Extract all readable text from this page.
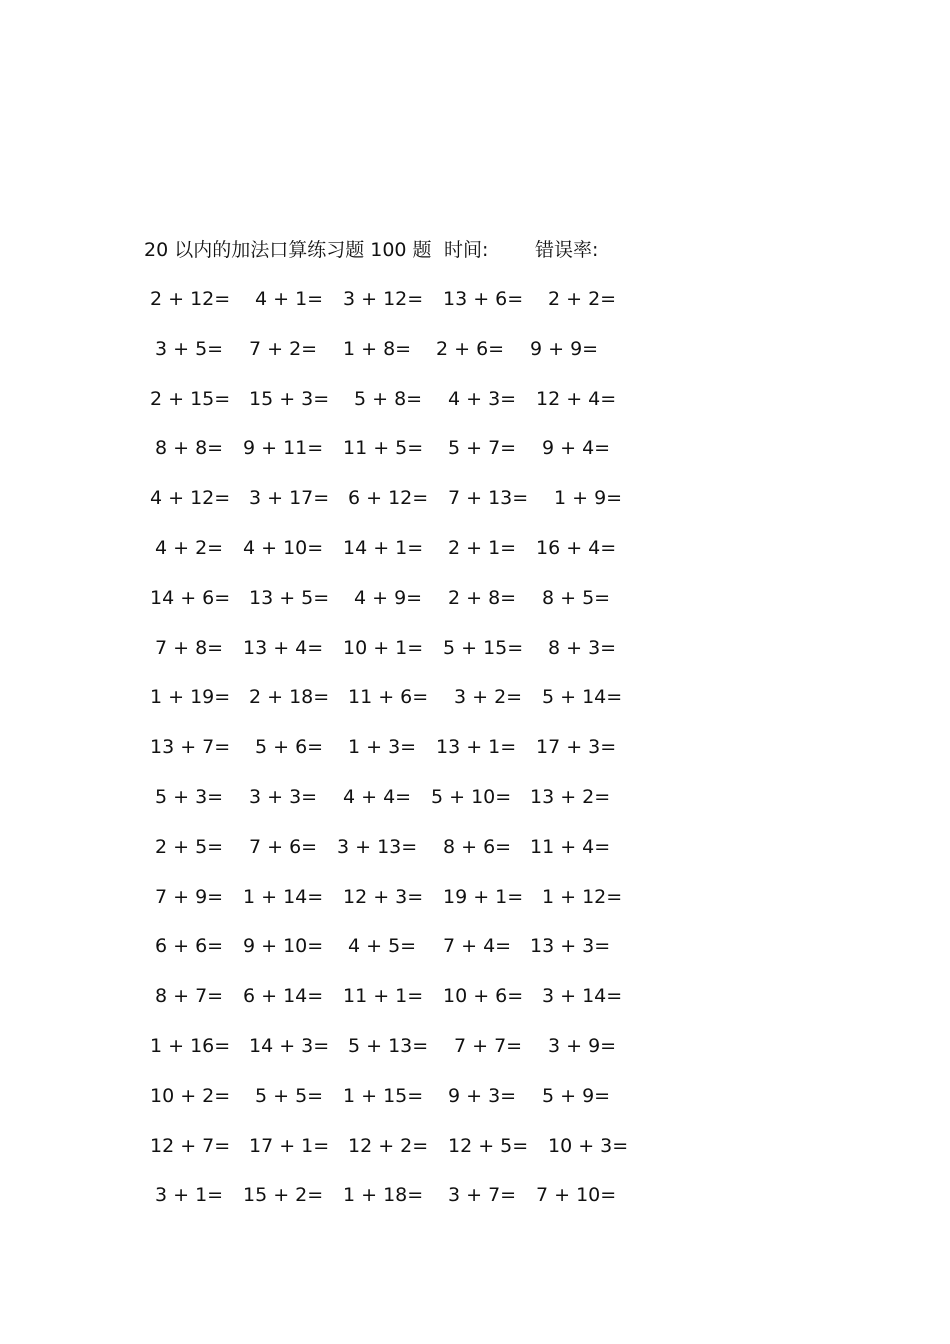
20 以内的加法口算练习题 100 题 时间: 错误率:
2 + 12= 4 + 1= 3 + 12= 13 + 6= 2 + 2=
3 + 5= 7 + 2= 1 + 8= 2 + 6= 9 + 9=
2 + 15= 15 + 3= 5 + 8= 4 + 3= 12 + 4=
8 + 8= 9 + 11= 11 + 5= 5 + 7= 9 + 4=
4 + 12= 3 + 17= 6 + 12= 7 + 13= 1 + 9=
4 + 2= 4 + 10= 14 + 1= 2 + 1= 16 + 4=
14 + 6= 13 + 5= 4 + 9= 2 + 8= 8 + 5=
7 + 8= 13 + 4= 10 + 1= 5 + 15= 8 + 3=
1 + 19= 2 + 18= 11 + 6= 3 + 2= 5 + 14=
13 + 7= 5 + 6= 1 + 3= 13 + 1= 17 + 3=
5 + 3= 3 + 3= 4 + 4= 5 + 10= 13 + 2=
2 + 5= 7 + 6= 3 + 13= 8 + 6= 11 + 4=
7 + 9= 1 + 14= 12 + 3= 19 + 1= 1 + 12=
6 + 6= 9 + 10= 4 + 5= 7 + 4= 13 + 3=
8 + 7= 6 + 14= 11 + 1= 10 + 6= 3 + 14=
1 + 16= 14 + 3= 5 + 13= 7 + 7= 3 + 9=
10 + 2= 5 + 5= 1 + 15= 9 + 3= 5 + 9=
12 + 7= 17 + 1= 12 + 2= 12 + 5= 10 + 3=
3 + 1= 15 + 2= 1 + 18= 3 + 7= 7 + 10=
